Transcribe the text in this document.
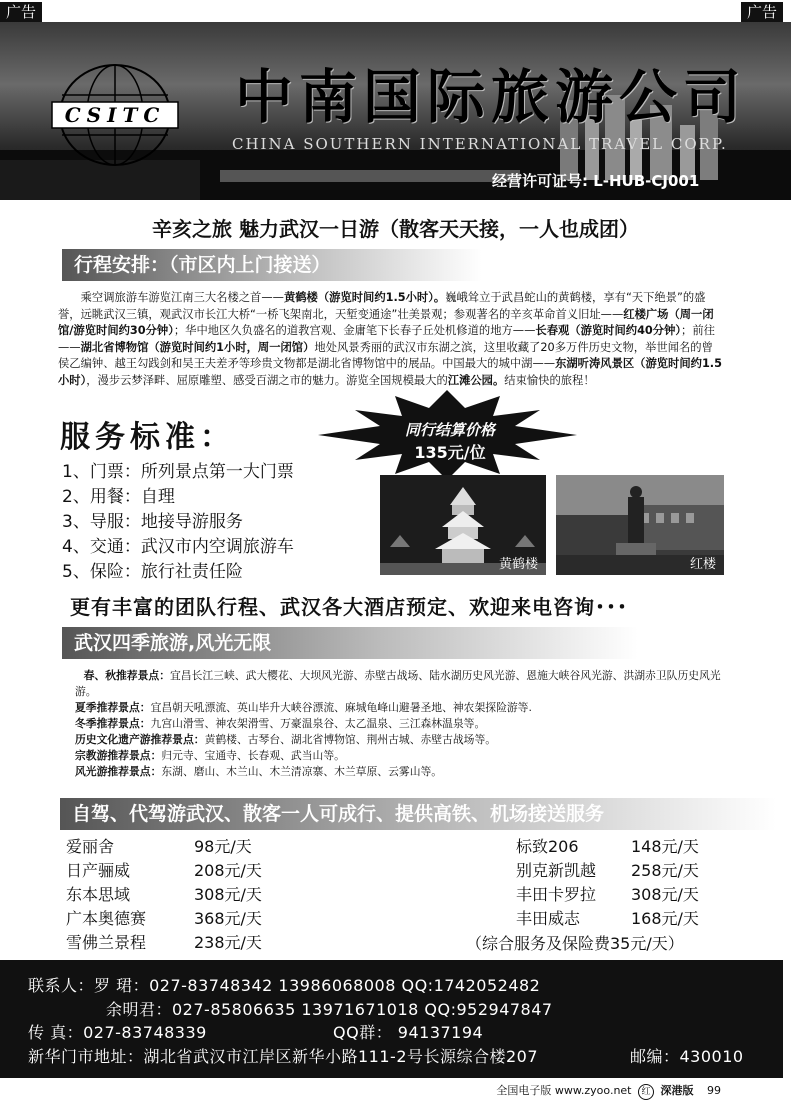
广告	广告
CSITC 中南国际旅游公司
CHINA SOUTHERN INTERNATIONAL TRAVEL CORP.
经营许可证号: L-HUB-CJ001
辛亥之旅 魅力武汉一日游（散客天天接，一人也成团）
行程安排：（市区内上门接送）
乘空调旅游车游览江南三大名楼之首——黄鹤楼（游览时间约1.5小时）。巍峨耸立于武昌蛇山的黄鹤楼，享有“天下绝景”的盛誉，远眺武汉三镇，观武汉市长江大桥“一桥飞架南北，天堑变通途”壮美景观；参观著名的辛亥革命首义旧址——红楼广场（周一闭馆/游览时间约30分钟）；华中地区久负盛名的道教宫观、金庸笔下长春子丘处机修道的地方——长春观（游览时间约40分钟）；前往——湖北省博物馆（游览时间约1小时，周一闭馆）地处风景秀丽的武汉市东湖之滨，这里收藏了20多万件历史文物，举世闻名的曾侯乙编钟、越王勾践剑和吴王夫差矛等珍贵文物都是湖北省博物馆中的展品。中国最大的城中湖——东湖听涛风景区（游览时间约1.5小时），漫步云梦泽畔、屈原雕塑、感受百湖之市的魅力。游览全国规模最大的江滩公园。结束愉快的旅程！
服务标准：
1、门票：所列景点第一大门票
2、用餐：自理
3、导服：地接导游服务
4、交通：武汉市内空调旅游车
5、保险：旅行社责任险
同行结算价格
135元/位
黄鹤楼	红楼
更有丰富的团队行程、武汉各大酒店预定、欢迎来电咨询･･･
武汉四季旅游,风光无限
春、秋推荐景点：宜昌长江三峡、武大樱花、大坝风光游、赤壁古战场、陆水湖历史风光游、恩施大峡谷风光游、洪湖赤卫队历史风光游。
夏季推荐景点：宜昌朝天吼漂流、英山毕升大峡谷漂流、麻城龟峰山避暑圣地、神农架探险游等.
冬季推荐景点：九宫山滑雪、神农架滑雪、万豪温泉谷、太乙温泉、三江森林温泉等。
历史文化遗产游推荐景点：黄鹤楼、古琴台、湖北省博物馆、荆州古城、赤壁古战场等。
宗教游推荐景点：归元寺、宝通寺、长春观、武当山等。
风光游推荐景点：东湖、磨山、木兰山、木兰清凉寨、木兰草原、云雾山等。
自驾、代驾游武汉、散客一人可成行、提供高铁、机场接送服务
爱丽舍	98元/天
日产骊威	208元/天
东本思域	308元/天
广本奥德赛	368元/天
雪佛兰景程	238元/天
标致206	148元/天
别克新凯越	258元/天
丰田卡罗拉	308元/天
丰田威志	168元/天
（综合服务及保险费35元/天）
联系人：罗 珺：027-83748342 13986068008 QQ:1742052482
余明君：027-85806635 13971671018 QQ:952947847
传 真：027-83748339	QQ群： 94137194
新华门市地址：湖北省武汉市江岸区新华小路111-2号长源综合楼207	邮编：430010
全国电子版 www.zyoo.net 红 深港版 99
